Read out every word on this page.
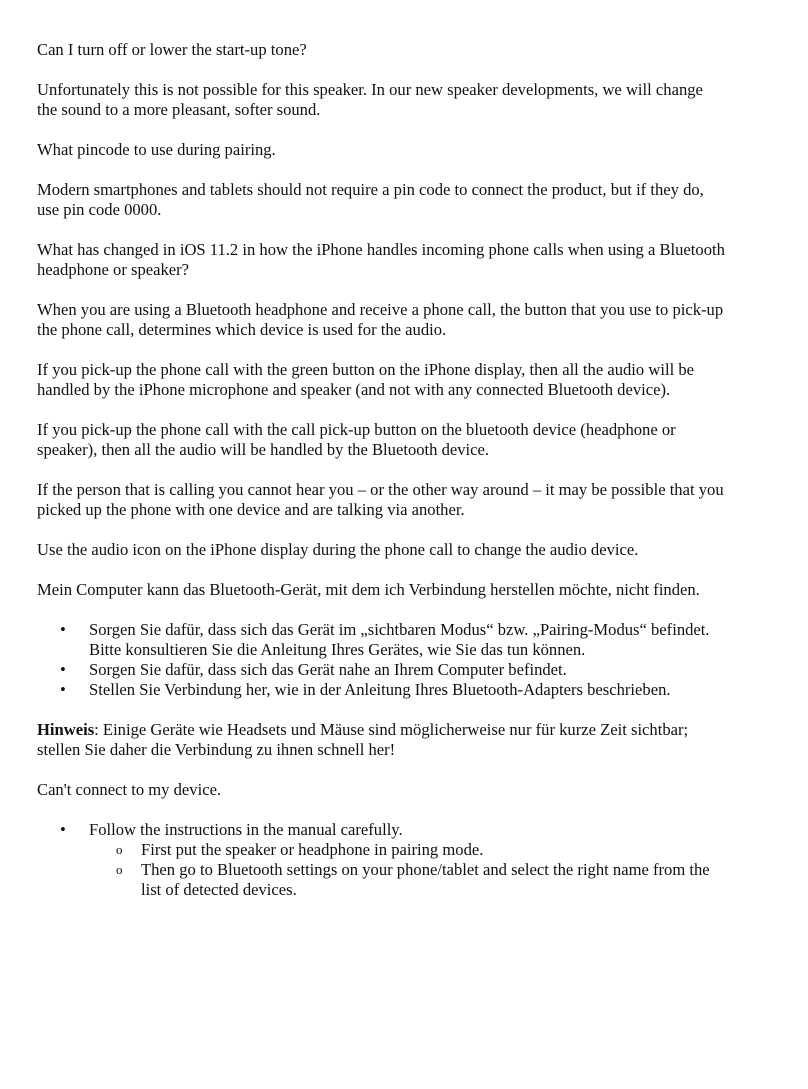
Can I turn off or lower the start-up tone?

Unfortunately this is not possible for this speaker. In our new speaker developments, we will change the sound to a more pleasant, softer sound.

What pincode to use during pairing.

Modern smartphones and tablets should not require a pin code to connect the product, but if they do, use pin code 0000.

What has changed in iOS 11.2 in how the iPhone handles incoming phone calls when using a Bluetooth headphone or speaker?

When you are using a Bluetooth headphone and receive a phone call, the button that you use to pick-up the phone call, determines which device is used for the audio.

If you pick-up the phone call with the green button on the iPhone display, then all the audio will be handled by the iPhone microphone and speaker (and not with any connected Bluetooth device).

If you pick-up the phone call with the call pick-up button on the bluetooth device (headphone or speaker), then all the audio will be handled by the Bluetooth device.

If the person that is calling you cannot hear you – or the other way around – it may be possible that you picked up the phone with one device and are talking via another.

Use the audio icon on the iPhone display during the phone call to change the audio device.

Mein Computer kann das Bluetooth-Gerät, mit dem ich Verbindung herstellen möchte, nicht finden.

• Sorgen Sie dafür, dass sich das Gerät im „sichtbaren Modus“ bzw. „Pairing-Modus“ befindet. Bitte konsultieren Sie die Anleitung Ihres Gerätes, wie Sie das tun können.
• Sorgen Sie dafür, dass sich das Gerät nahe an Ihrem Computer befindet.
• Stellen Sie Verbindung her, wie in der Anleitung Ihres Bluetooth-Adapters beschrieben.

Hinweis: Einige Geräte wie Headsets und Mäuse sind möglicherweise nur für kurze Zeit sichtbar; stellen Sie daher die Verbindung zu ihnen schnell her!

Can't connect to my device.

• Follow the instructions in the manual carefully.
o First put the speaker or headphone in pairing mode.
o Then go to Bluetooth settings on your phone/tablet and select the right name from the list of detected devices.
